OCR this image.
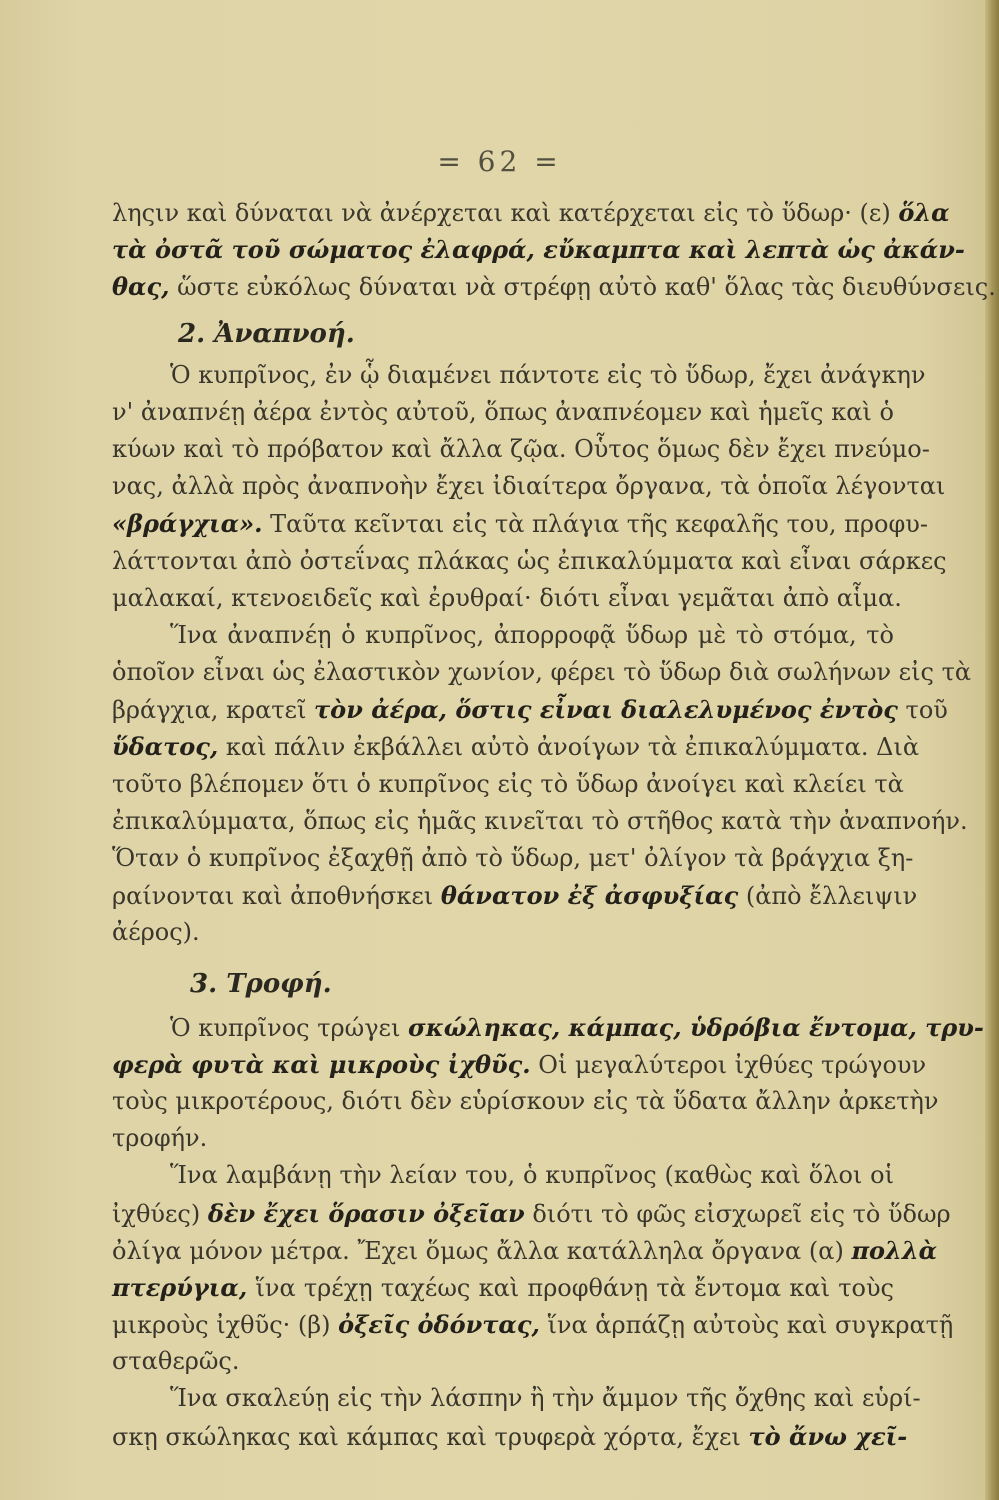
= 62 =
ληςιν καὶ δύναται νὰ ἀνέρχεται καὶ κατέρχεται εἰς τὸ ὕδωρ· (ε) ὅλα
τὰ ὀστᾶ τοῦ σώματος ἐλαφρά, εὔκαμπτα καὶ λεπτὰ ὡς ἀκάν-
θας, ὥστε εὐκόλως δύναται νὰ στρέφῃ αὐτὸ καθ' ὅλας τὰς διευθύνσεις.
2. Ἀναπνοή.
Ὁ κυπρῖνος, ἐν ᾧ διαμένει πάντοτε εἰς τὸ ὕδωρ, ἔχει ἀνάγκην
ν' ἀναπνέῃ ἀέρα ἐντὸς αὐτοῦ, ὅπως ἀναπνέομεν καὶ ἡμεῖς καὶ ὁ
κύων καὶ τὸ πρόβατον καὶ ἄλλα ζῷα. Οὗτος ὅμως δὲν ἔχει πνεύμο-
νας, ἀλλὰ πρὸς ἀναπνοὴν ἔχει ἰδιαίτερα ὄργανα, τὰ ὁποῖα λέγονται
«βράγχια». Ταῦτα κεῖνται εἰς τὰ πλάγια τῆς κεφαλῆς του, προφυ-
λάττονται ἀπὸ ὀστεΐνας πλάκας ὡς ἐπικαλύμματα καὶ εἶναι σάρκες
μαλακαί, κτενοειδεῖς καὶ ἐρυθραί· διότι εἶναι γεμᾶται ἀπὸ αἷμα.
Ἵνα ἀναπνέῃ ὁ κυπρῖνος, ἀπορροφᾷ ὕδωρ μὲ τὸ στόμα, τὸ
ὁποῖον εἶναι ὡς ἐλαστικὸν χωνίον, φέρει τὸ ὕδωρ διὰ σωλήνων εἰς τὰ
βράγχια, κρατεῖ τὸν ἀέρα, ὅστις εἶναι διαλελυμένος ἐντὸς τοῦ
ὕδατος, καὶ πάλιν ἐκβάλλει αὐτὸ ἀνοίγων τὰ ἐπικαλύμματα. Διὰ
τοῦτο βλέπομεν ὅτι ὁ κυπρῖνος εἰς τὸ ὕδωρ ἀνοίγει καὶ κλείει τὰ
ἐπικαλύμματα, ὅπως εἰς ἡμᾶς κινεῖται τὸ στῆθος κατὰ τὴν ἀναπνοήν.
Ὅταν ὁ κυπρῖνος ἐξαχθῇ ἀπὸ τὸ ὕδωρ, μετ' ὀλίγον τὰ βράγχια ξη-
ραίνονται καὶ ἀποθνήσκει θάνατον ἐξ ἀσφυξίας (ἀπὸ ἔλλειψιν
ἀέρος).
3. Τροφή.
Ὁ κυπρῖνος τρώγει σκώληκας, κάμπας, ὑδρόβια ἔντομα, τρυ-
φερὰ φυτὰ καὶ μικροὺς ἰχθῦς. Οἱ μεγαλύτεροι ἰχθύες τρώγουν
τοὺς μικροτέρους, διότι δὲν εὑρίσκουν εἰς τὰ ὕδατα ἄλλην ἀρκετὴν
τροφήν.
Ἵνα λαμβάνῃ τὴν λείαν του, ὁ κυπρῖνος (καθὼς καὶ ὅλοι οἱ
ἰχθύες) δὲν ἔχει ὅρασιν ὀξεῖαν διότι τὸ φῶς εἰσχωρεῖ εἰς τὸ ὕδωρ
ὀλίγα μόνον μέτρα. Ἔχει ὅμως ἄλλα κατάλληλα ὄργανα (α) πολλὰ
πτερύγια, ἵνα τρέχῃ ταχέως καὶ προφθάνῃ τὰ ἔντομα καὶ τοὺς
μικροὺς ἰχθῦς· (β) ὀξεῖς ὀδόντας, ἵνα ἁρπάζῃ αὐτοὺς καὶ συγκρατῇ
σταθερῶς.
Ἵνα σκαλεύῃ εἰς τὴν λάσπην ἢ τὴν ἄμμον τῆς ὄχθης καὶ εὑρί-
σκῃ σκώληκας καὶ κάμπας καὶ τρυφερὰ χόρτα, ἔχει τὸ ἄνω χεῖ-
